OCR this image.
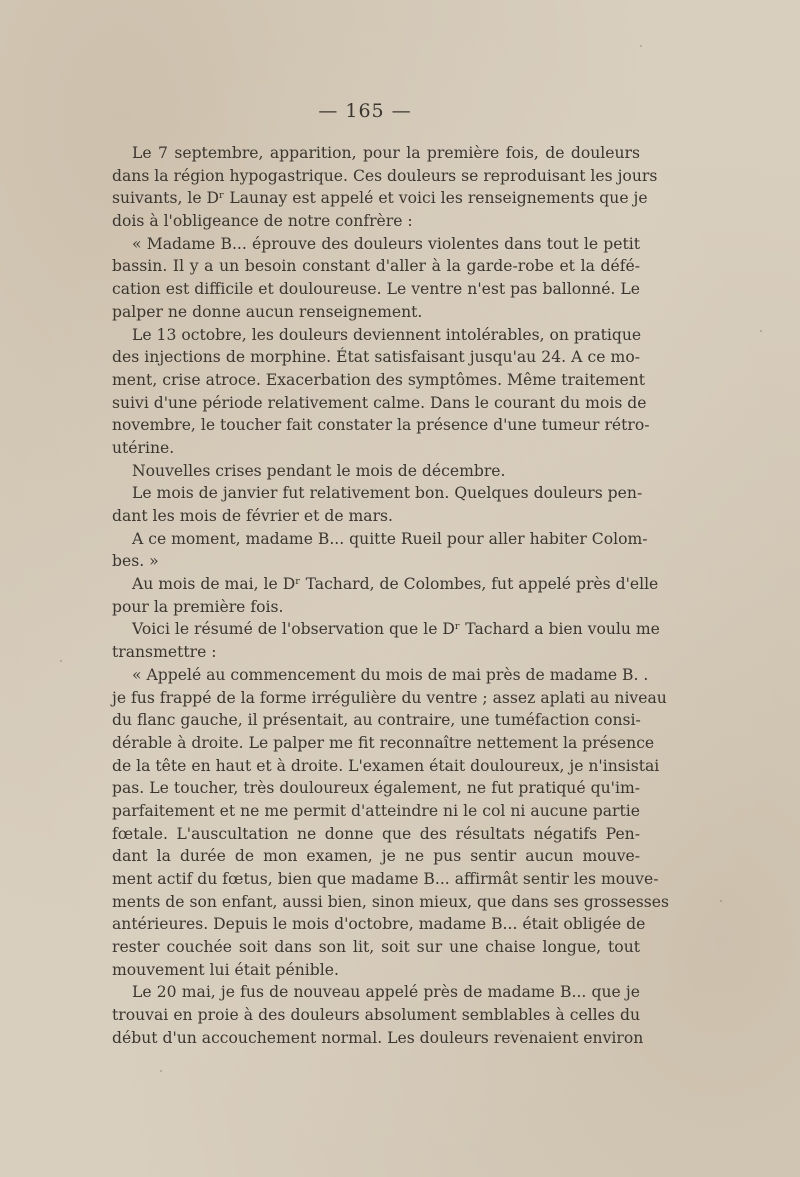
— 165 —
Le 7 septembre, apparition, pour la première fois, de douleurs
dans la région hypogastrique. Ces douleurs se reproduisant les jours
suivants, le Dʳ Launay est appelé et voici les renseignements que je
dois à l'obligeance de notre confrère :
« Madame B... éprouve des douleurs violentes dans tout le petit
bassin. Il y a un besoin constant d'aller à la garde-robe et la défé-
cation est difficile et douloureuse. Le ventre n'est pas ballonné. Le
palper ne donne aucun renseignement.
Le 13 octobre, les douleurs deviennent intolérables, on pratique
des injections de morphine. État satisfaisant jusqu'au 24. A ce mo-
ment, crise atroce. Exacerbation des symptômes. Même traitement
suivi d'une période relativement calme. Dans le courant du mois de
novembre, le toucher fait constater la présence d'une tumeur rétro-
utérine.
Nouvelles crises pendant le mois de décembre.
Le mois de janvier fut relativement bon. Quelques douleurs pen-
dant les mois de février et de mars.
A ce moment, madame B... quitte Rueil pour aller habiter Colom-
bes. »
Au mois de mai, le Dʳ Tachard, de Colombes, fut appelé près d'elle
pour la première fois.
Voici le résumé de l'observation que le Dʳ Tachard a bien voulu me
transmettre :
« Appelé au commencement du mois de mai près de madame B. .
je fus frappé de la forme irrégulière du ventre ; assez aplati au niveau
du flanc gauche, il présentait, au contraire, une tuméfaction consi-
dérable à droite. Le palper me fit reconnaître nettement la présence
de la tête en haut et à droite. L'examen était douloureux, je n'insistai
pas. Le toucher, très douloureux également, ne fut pratiqué qu'im-
parfaitement et ne me permit d'atteindre ni le col ni aucune partie
fœtale. L'auscultation ne donne que des résultats négatifs Pen-
dant la durée de mon examen, je ne pus sentir aucun mouve-
ment actif du fœtus, bien que madame B... affirmât sentir les mouve-
ments de son enfant, aussi bien, sinon mieux, que dans ses grossesses
antérieures. Depuis le mois d'octobre, madame B... était obligée de
rester couchée soit dans son lit, soit sur une chaise longue, tout
mouvement lui était pénible.
Le 20 mai, je fus de nouveau appelé près de madame B... que je
trouvai en proie à des douleurs absolument semblables à celles du
début d'un accouchement normal. Les douleurs revenaient environ
